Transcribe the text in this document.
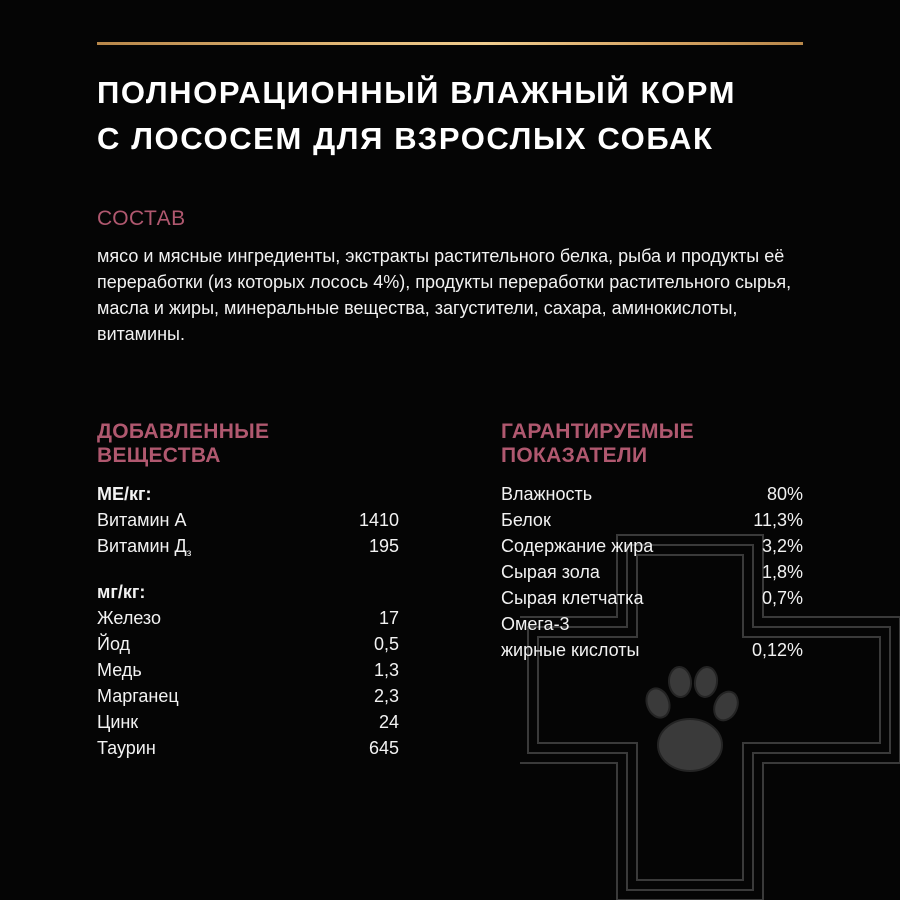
ПОЛНОРАЦИОННЫЙ ВЛАЖНЫЙ КОРМ
С ЛОСОСЕМ ДЛЯ ВЗРОСЛЫХ СОБАК
СОСТАВ
мясо и мясные ингредиенты, экстракты растительного белка, рыба и продукты её переработки (из которых лосось 4%), продукты переработки растительного сырья, масла и жиры, минеральные вещества, загустители, сахара, аминокислоты, витамины.
ДОБАВЛЕННЫЕ
ВЕЩЕСТВА
МЕ/кг:
Витамин А	1410
Витамин $Д_з$	195
мг/кг:
Железо	17
Йод	0,5
Медь	1,3
Марганец	2,3
Цинк	24
Таурин	645
ГАРАНТИРУЕМЫЕ
ПОКАЗАТЕЛИ
Влажность	80%
Белок	11,3%
Содержание жира	3,2%
Сырая зола	1,8%
Сырая клетчатка	0,7%
Омега-3
жирные кислоты	0,12%
